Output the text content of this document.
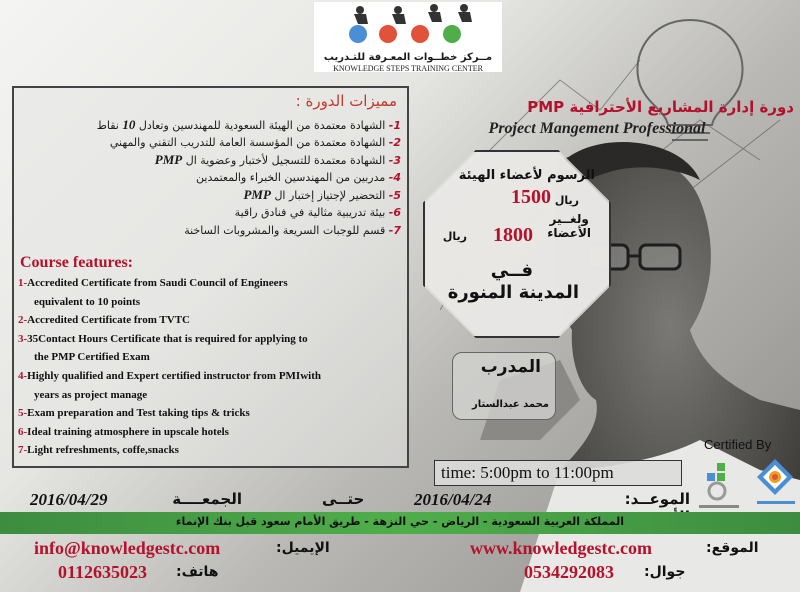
مــركز خطــوات المعـرفة للتـدريب
KNOWLEDGE STEPS TRAINING CENTER
مميزات الدورة :
1- الشهادة معتمدة من الهيئة السعودية للمهندسين وتعادل 10 نقاط
2- الشهادة معتمدة من المؤسسة العامة للتدريب التقني والمهني
3- الشهادة معتمدة للتسجيل لأختبار وعضوية ال PMP
4- مدربين من المهندسين الخبراء والمعتمدين
5- التحضير لإجتياز إختبار ال PMP
6- بيئة تدريبية مثالية في فنادق راقية
7- قسم للوجبات السريعة والمشروبات الساخنة
Course features:
1-Accredited Certificate from Saudi Council of Engineers
equivalent to 10 points
2-Accredited Certificate from TVTC
3-35Contact Hours Certificate that is required for applying to
the PMP Certified Exam
4-Highly qualified and Expert certified instructor from PMIwith
years as project manage
5-Exam preparation and Test taking tips & tricks
6-Ideal training atmosphere in upscale hotels
7-Light refreshments, coffe,snacks
دورة إدارة المشاريع الأحترافية PMP
Project Mangement Professional
الرسوم لأعضاء الهيئة
1500 ريال
ولغــير
الأعضاء
1800
ريال
فــي
المدينة المنورة
المدرب
محمد عبدالستار
Certified By
time: 5:00pm to 11:00pm
2016/04/29	الجمعــــة	حتــى	2016/04/24	الموعــد:
المملكة العربية السعودية - الرياض - حي النزهة - طريق الأمام سعود قبل بنك الإنماء
info@knowledgestc.com	الإيميل:	www.knowledgestc.com	الموقع:
0112635023 هاتف:	0534292083 جوال:
